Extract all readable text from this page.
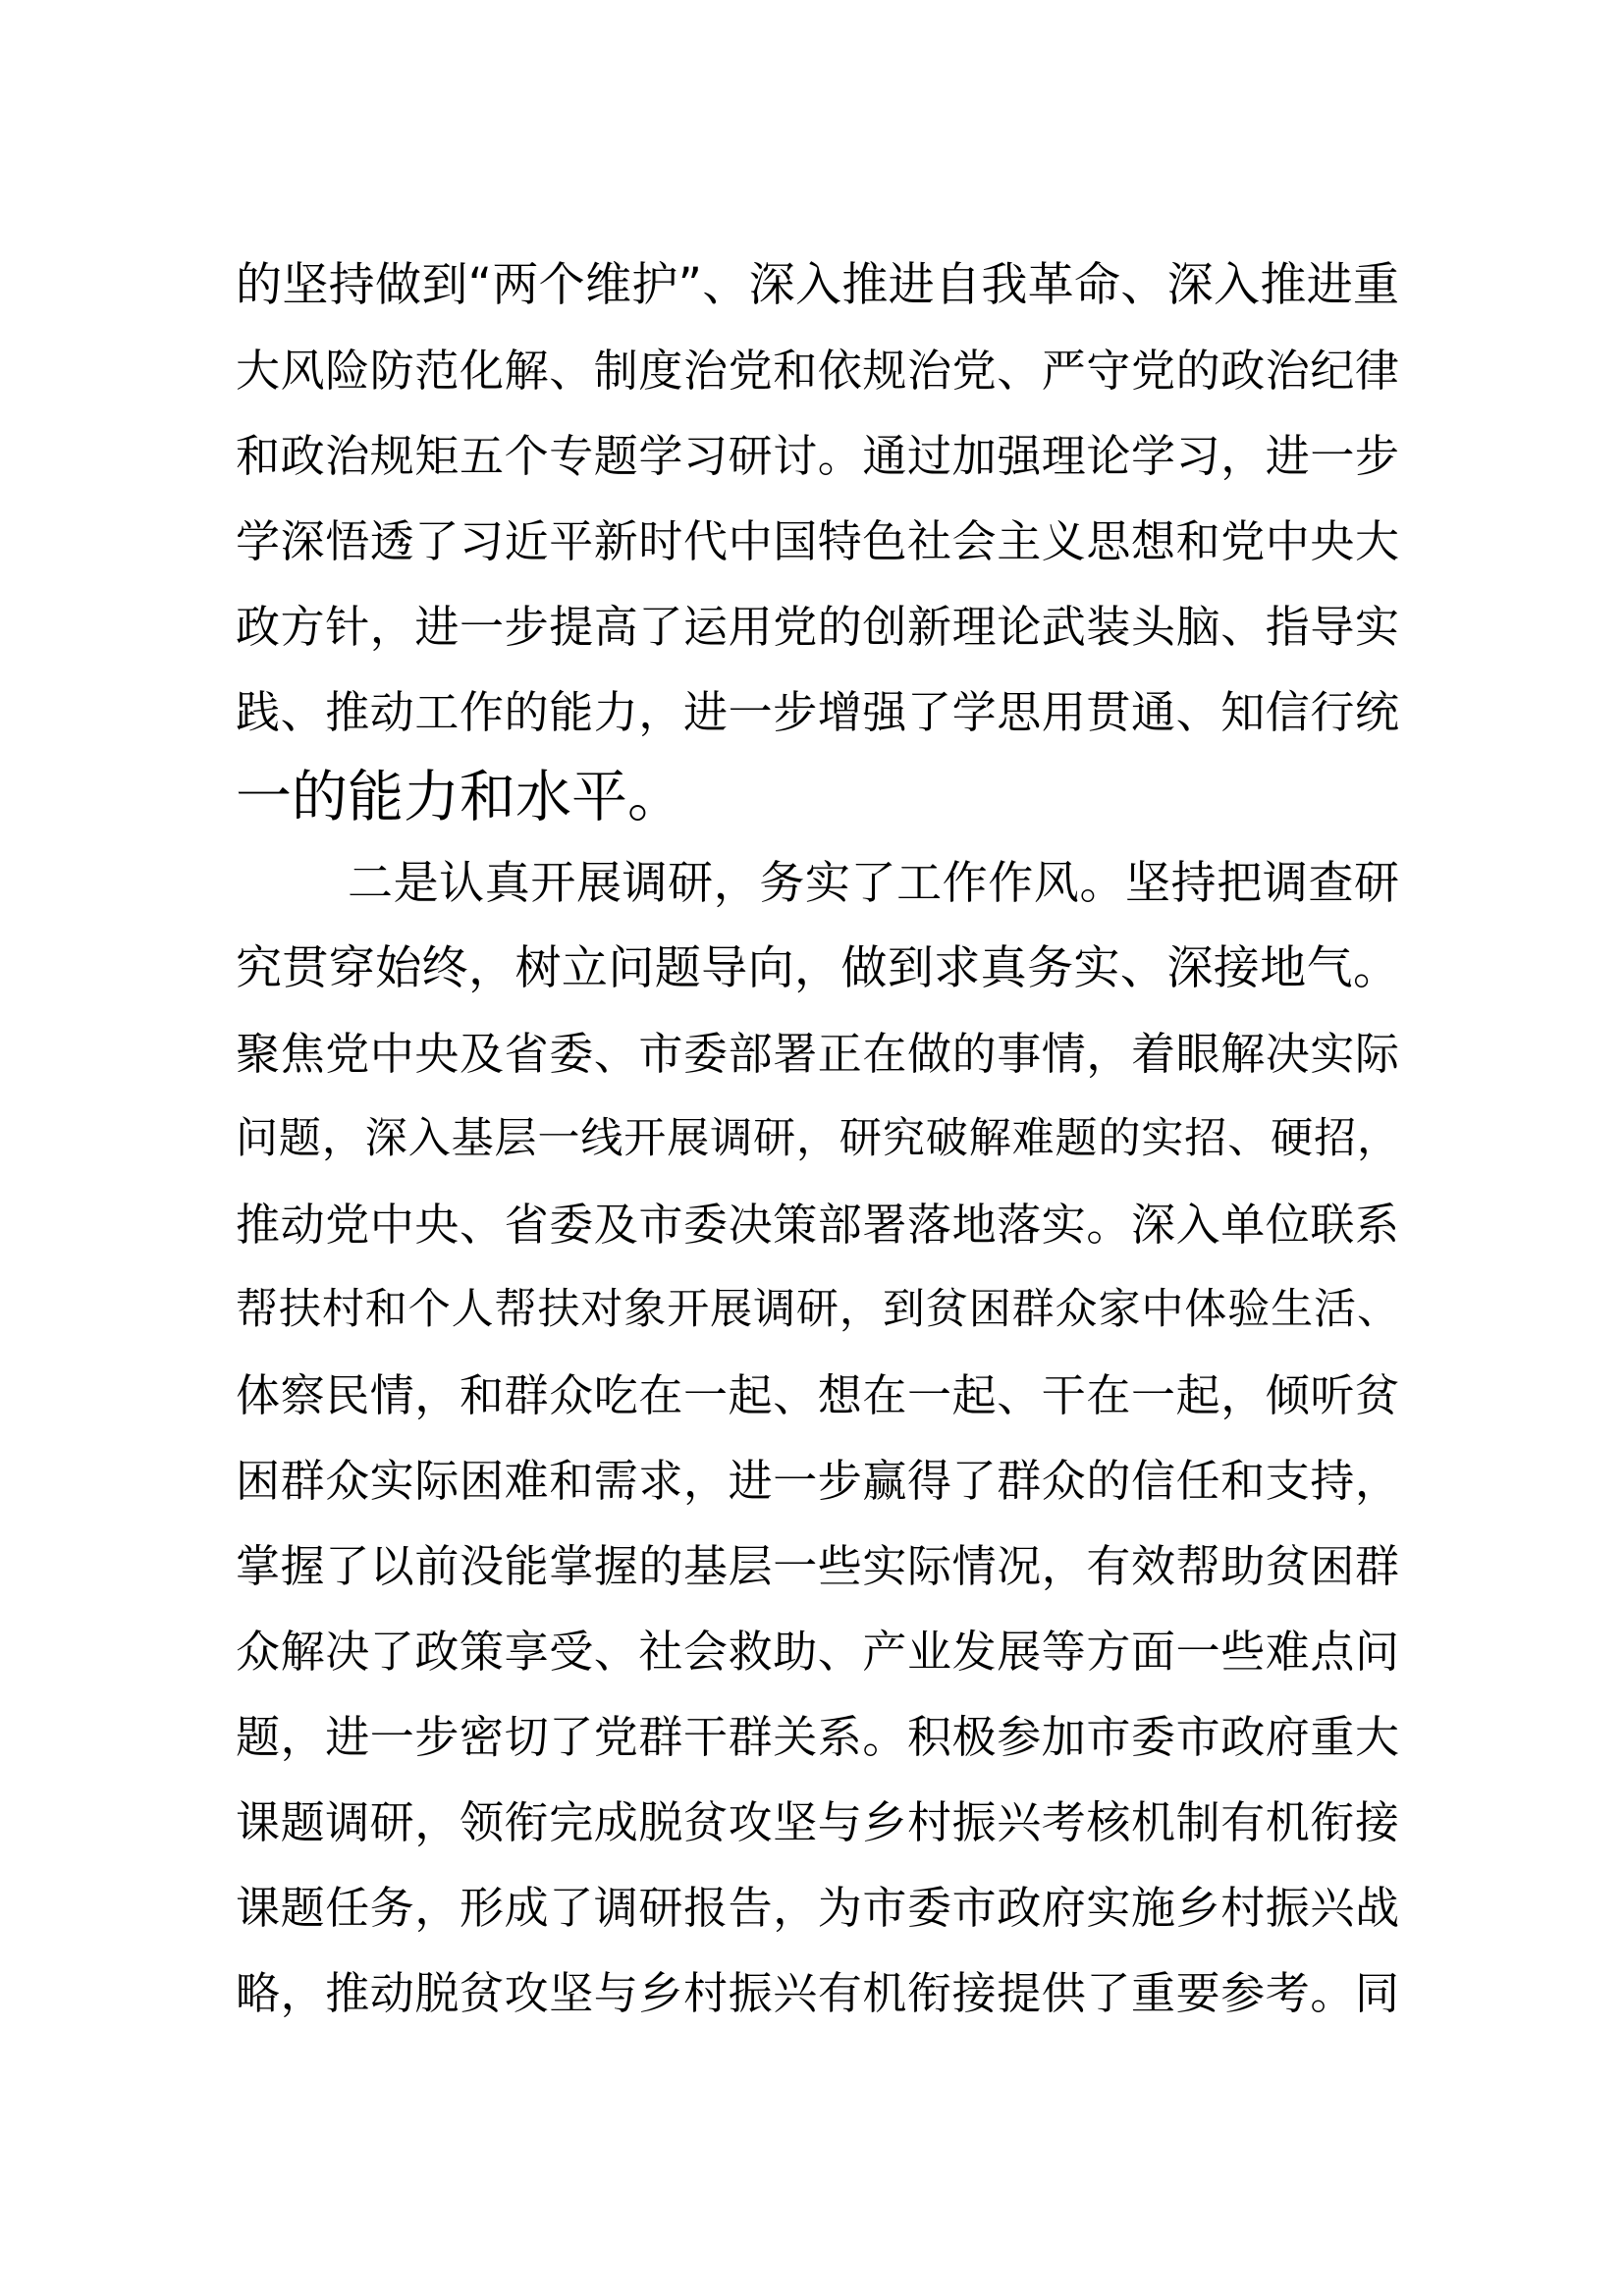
的坚持做到“两个维护”、深入推进自我革命、深入推进重
大风险防范化解、制度治党和依规治党、严守党的政治纪律
和政治规矩五个专题学习研讨。通过加强理论学习，进一步
学深悟透了习近平新时代中国特色社会主义思想和党中央大
政方针，进一步提高了运用党的创新理论武装头脑、指导实
践、推动工作的能力，进一步增强了学思用贯通、知信行统
一的能力和水平。
二是认真开展调研，务实了工作作风。坚持把调查研
究贯穿始终，树立问题导向，做到求真务实、深接地气。
聚焦党中央及省委、市委部署正在做的事情，着眼解决实际
问题，深入基层一线开展调研，研究破解难题的实招、硬招，
推动党中央、省委及市委决策部署落地落实。深入单位联系
帮扶村和个人帮扶对象开展调研，到贫困群众家中体验生活、
体察民情，和群众吃在一起、想在一起、干在一起，倾听贫
困群众实际困难和需求，进一步赢得了群众的信任和支持，
掌握了以前没能掌握的基层一些实际情况，有效帮助贫困群
众解决了政策享受、社会救助、产业发展等方面一些难点问
题，进一步密切了党群干群关系。积极参加市委市政府重大
课题调研，领衔完成脱贫攻坚与乡村振兴考核机制有机衔接
课题任务，形成了调研报告，为市委市政府实施乡村振兴战
略，推动脱贫攻坚与乡村振兴有机衔接提供了重要参考。同
